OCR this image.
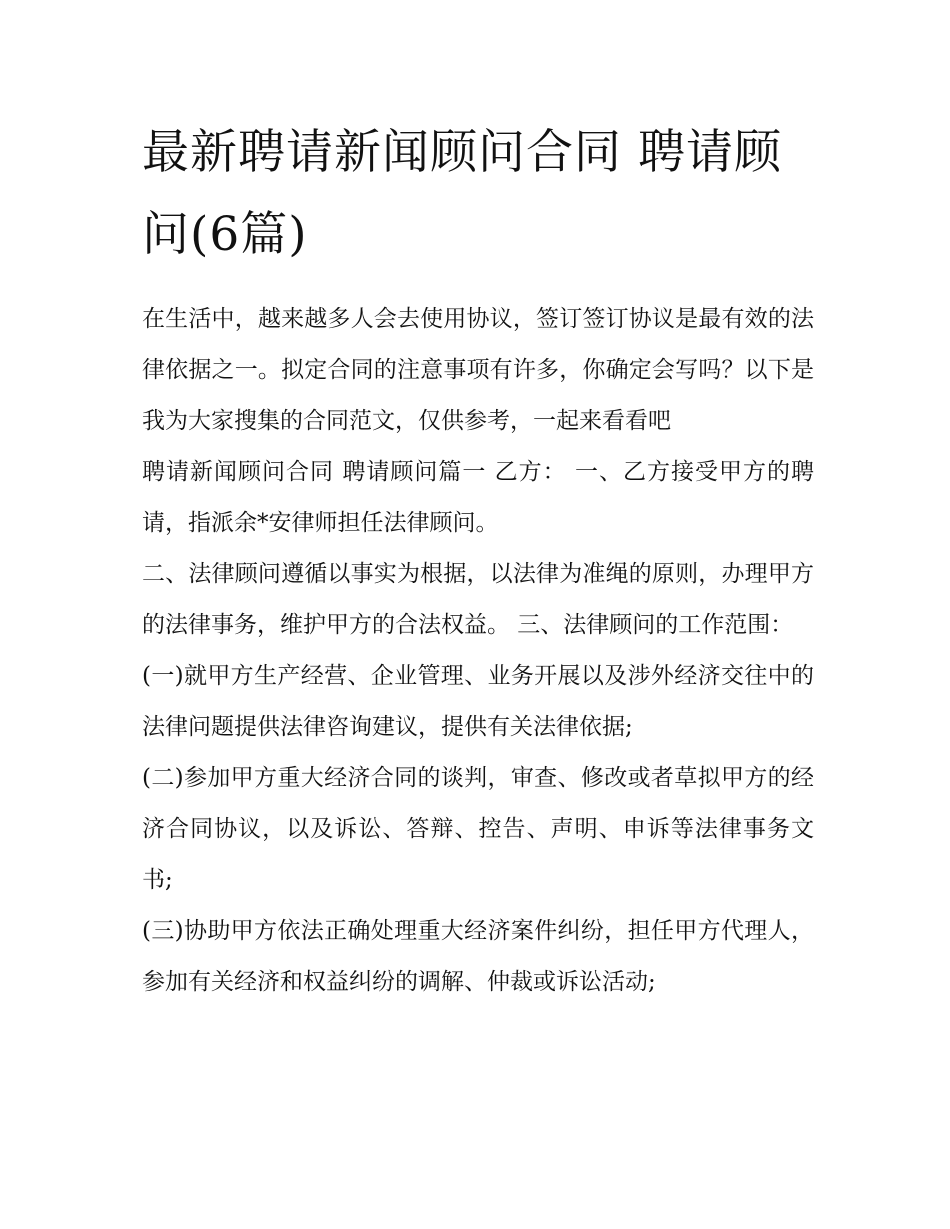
最新聘请新闻顾问合同 聘请顾问(6篇)

在生活中，越来越多人会去使用协议，签订签订协议是最有效的法律依据之一。拟定合同的注意事项有许多，你确定会写吗？以下是我为大家搜集的合同范文，仅供参考，一起来看看吧

聘请新闻顾问合同 聘请顾问篇一 乙方： 一、乙方接受甲方的聘请，指派余*安律师担任法律顾问。

二、法律顾问遵循以事实为根据，以法律为准绳的原则，办理甲方的法律事务，维护甲方的合法权益。 三、法律顾问的工作范围：

(一)就甲方生产经营、企业管理、业务开展以及涉外经济交往中的法律问题提供法律咨询建议，提供有关法律依据;

(二)参加甲方重大经济合同的谈判，审查、修改或者草拟甲方的经济合同协议，以及诉讼、答辩、控告、声明、申诉等法律事务文书;

(三)协助甲方依法正确处理重大经济案件纠纷，担任甲方代理人，参加有关经济和权益纠纷的调解、仲裁或诉讼活动;
